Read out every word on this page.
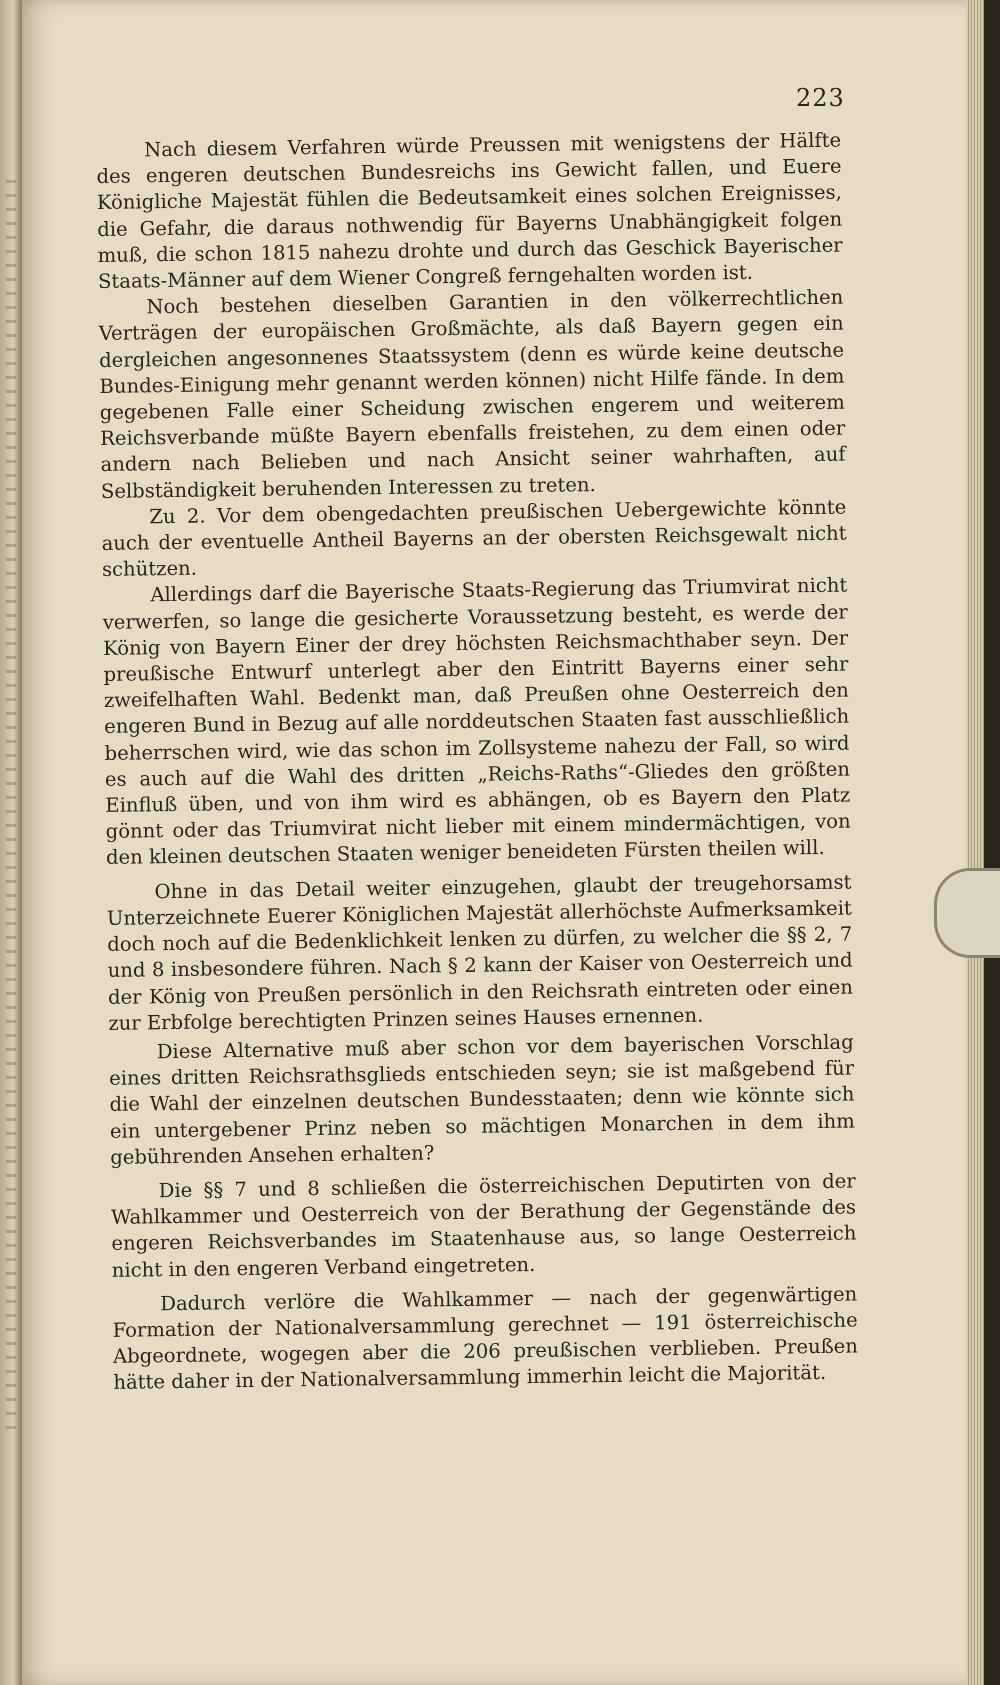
223

Nach diesem Verfahren würde Preussen mit wenigstens der Hälfte des engeren deutschen Bundesreichs ins Gewicht fallen, und Euere Königliche Majestät fühlen die Bedeutsamkeit eines solchen Ereignisses, die Gefahr, die daraus nothwendig für Bayerns Unabhängigkeit folgen muß, die schon 1815 nahezu drohte und durch das Geschick Bayerischer Staats-Männer auf dem Wiener Congreß ferngehalten worden ist.

Noch bestehen dieselben Garantien in den völkerrechtlichen Verträgen der europäischen Großmächte, als daß Bayern gegen ein dergleichen angesonnenes Staatssystem (denn es würde keine deutsche Bundes-Einigung mehr genannt werden können) nicht Hilfe fände. In dem gegebenen Falle einer Scheidung zwischen engerem und weiterem Reichsverbande müßte Bayern ebenfalls freistehen, zu dem einen oder andern nach Belieben und nach Ansicht seiner wahrhaften, auf Selbständigkeit beruhenden Interessen zu treten.

Zu 2. Vor dem obengedachten preußischen Uebergewichte könnte auch der eventuelle Antheil Bayerns an der obersten Reichsgewalt nicht schützen.

Allerdings darf die Bayerische Staats-Regierung das Triumvirat nicht verwerfen, so lange die gesicherte Voraussetzung besteht, es werde der König von Bayern Einer der drey höchsten Reichsmachthaber seyn. Der preußische Entwurf unterlegt aber den Eintritt Bayerns einer sehr zweifelhaften Wahl. Bedenkt man, daß Preußen ohne Oesterreich den engeren Bund in Bezug auf alle norddeutschen Staaten fast ausschließlich beherrschen wird, wie das schon im Zollsysteme nahezu der Fall, so wird es auch auf die Wahl des dritten „Reichs-Raths“-Gliedes den größten Einfluß üben, und von ihm wird es abhängen, ob es Bayern den Platz gönnt oder das Triumvirat nicht lieber mit einem mindermächtigen, von den kleinen deutschen Staaten weniger beneideten Fürsten theilen will.

Ohne in das Detail weiter einzugehen, glaubt der treugehorsamst Unterzeichnete Euerer Königlichen Majestät allerhöchste Aufmerksamkeit doch noch auf die Bedenklichkeit lenken zu dürfen, zu welcher die §§ 2, 7 und 8 insbesondere führen. Nach § 2 kann der Kaiser von Oesterreich und der König von Preußen persönlich in den Reichsrath eintreten oder einen zur Erbfolge berechtigten Prinzen seines Hauses ernennen.

Diese Alternative muß aber schon vor dem bayerischen Vorschlag eines dritten Reichsrathsglieds entschieden seyn; sie ist maßgebend für die Wahl der einzelnen deutschen Bundesstaaten; denn wie könnte sich ein untergebener Prinz neben so mächtigen Monarchen in dem ihm gebührenden Ansehen erhalten?

Die §§ 7 und 8 schließen die österreichischen Deputirten von der Wahlkammer und Oesterreich von der Berathung der Gegenstände des engeren Reichsverbandes im Staatenhause aus, so lange Oesterreich nicht in den engeren Verband eingetreten.

Dadurch verlöre die Wahlkammer — nach der gegenwärtigen Formation der Nationalversammlung gerechnet — 191 österreichische Abgeordnete, wogegen aber die 206 preußischen verblieben. Preußen hätte daher in der Nationalversammlung immerhin leicht die Majorität.
